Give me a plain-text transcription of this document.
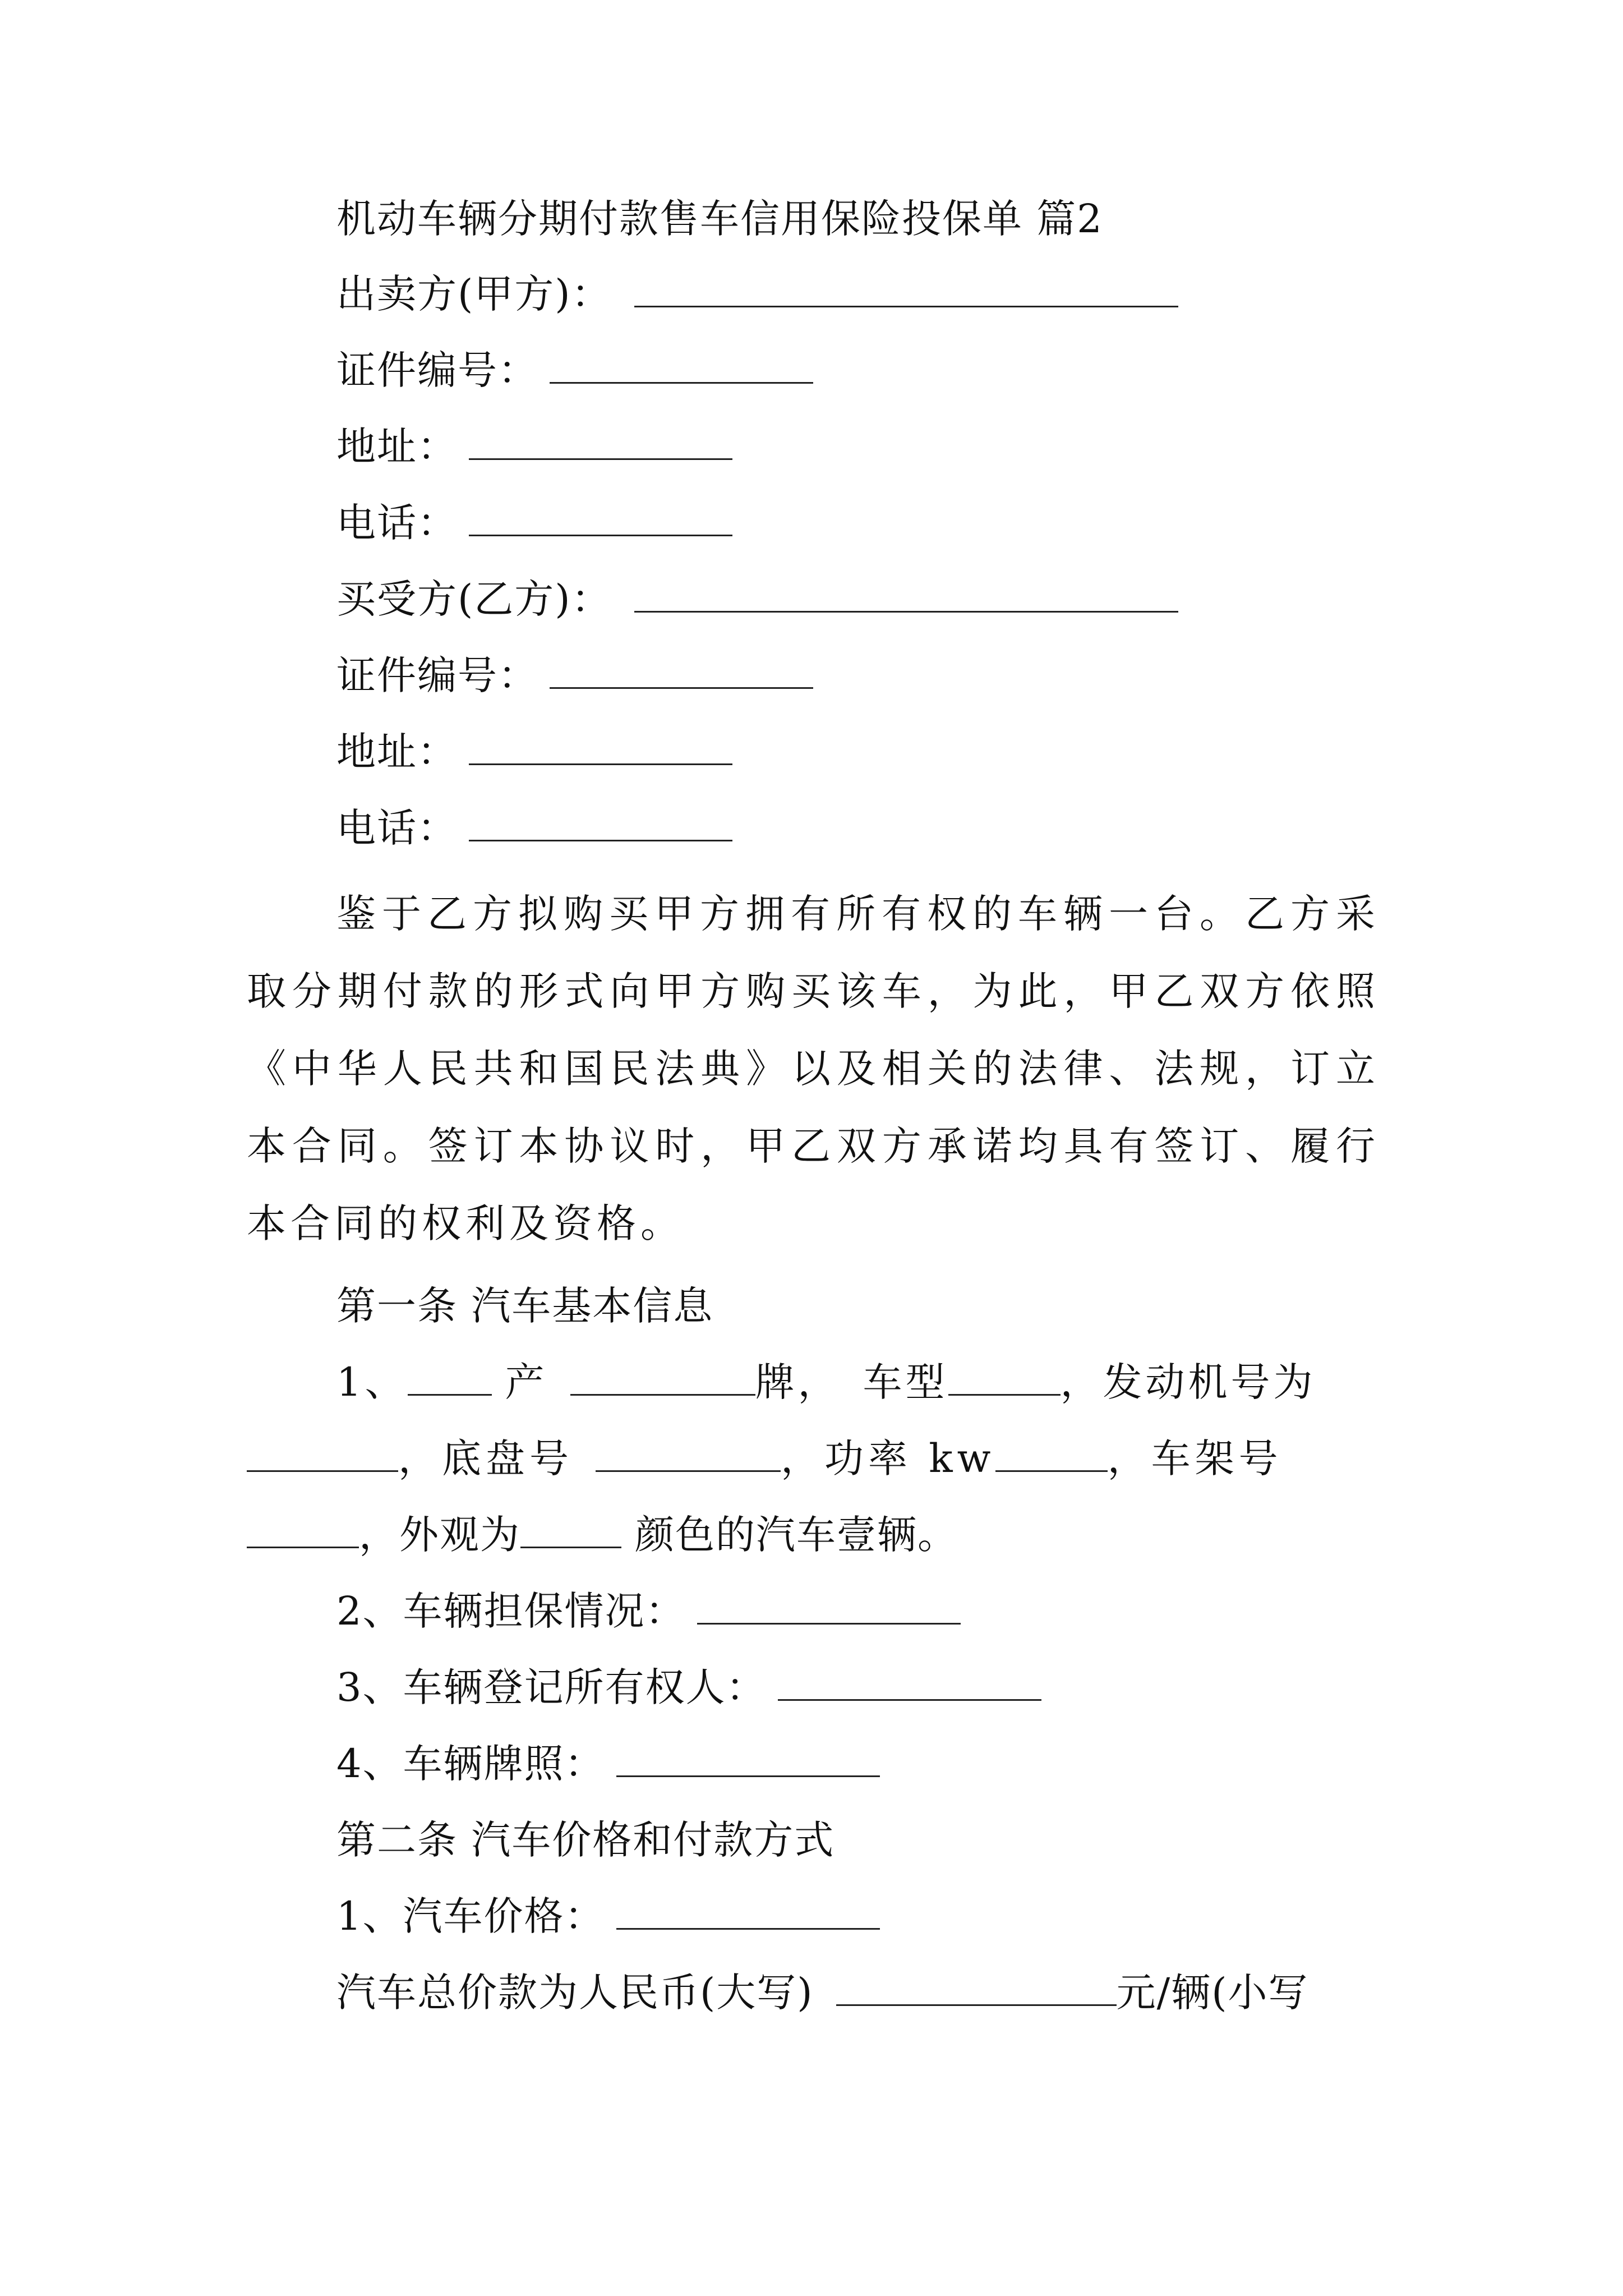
机动车辆分期付款售车信用保险投保单 篇2
出卖方(甲方)：
证件编号：
地址：
电话：
买受方(乙方)：
证件编号：
地址：
电话：
鉴于乙方拟购买甲方拥有所有权的车辆一台。乙方采取分期付款的形式向甲方购买该车，为此，甲乙双方依照《中华人民共和国民法典》以及相关的法律、法规，订立本合同。签订本协议时，甲乙双方承诺均具有签订、履行本合同的权利及资格。
第一条 汽车基本信息
1、 产	牌， 车型	，发动机号为
，底盘号	，功率 kw	，车架号
，外观为	颜色的汽车壹辆。
2、车辆担保情况：
3、车辆登记所有权人：
4、车辆牌照：
第二条 汽车价格和付款方式
1、汽车价格：
汽车总价款为人民币(大写)	元/辆(小写
